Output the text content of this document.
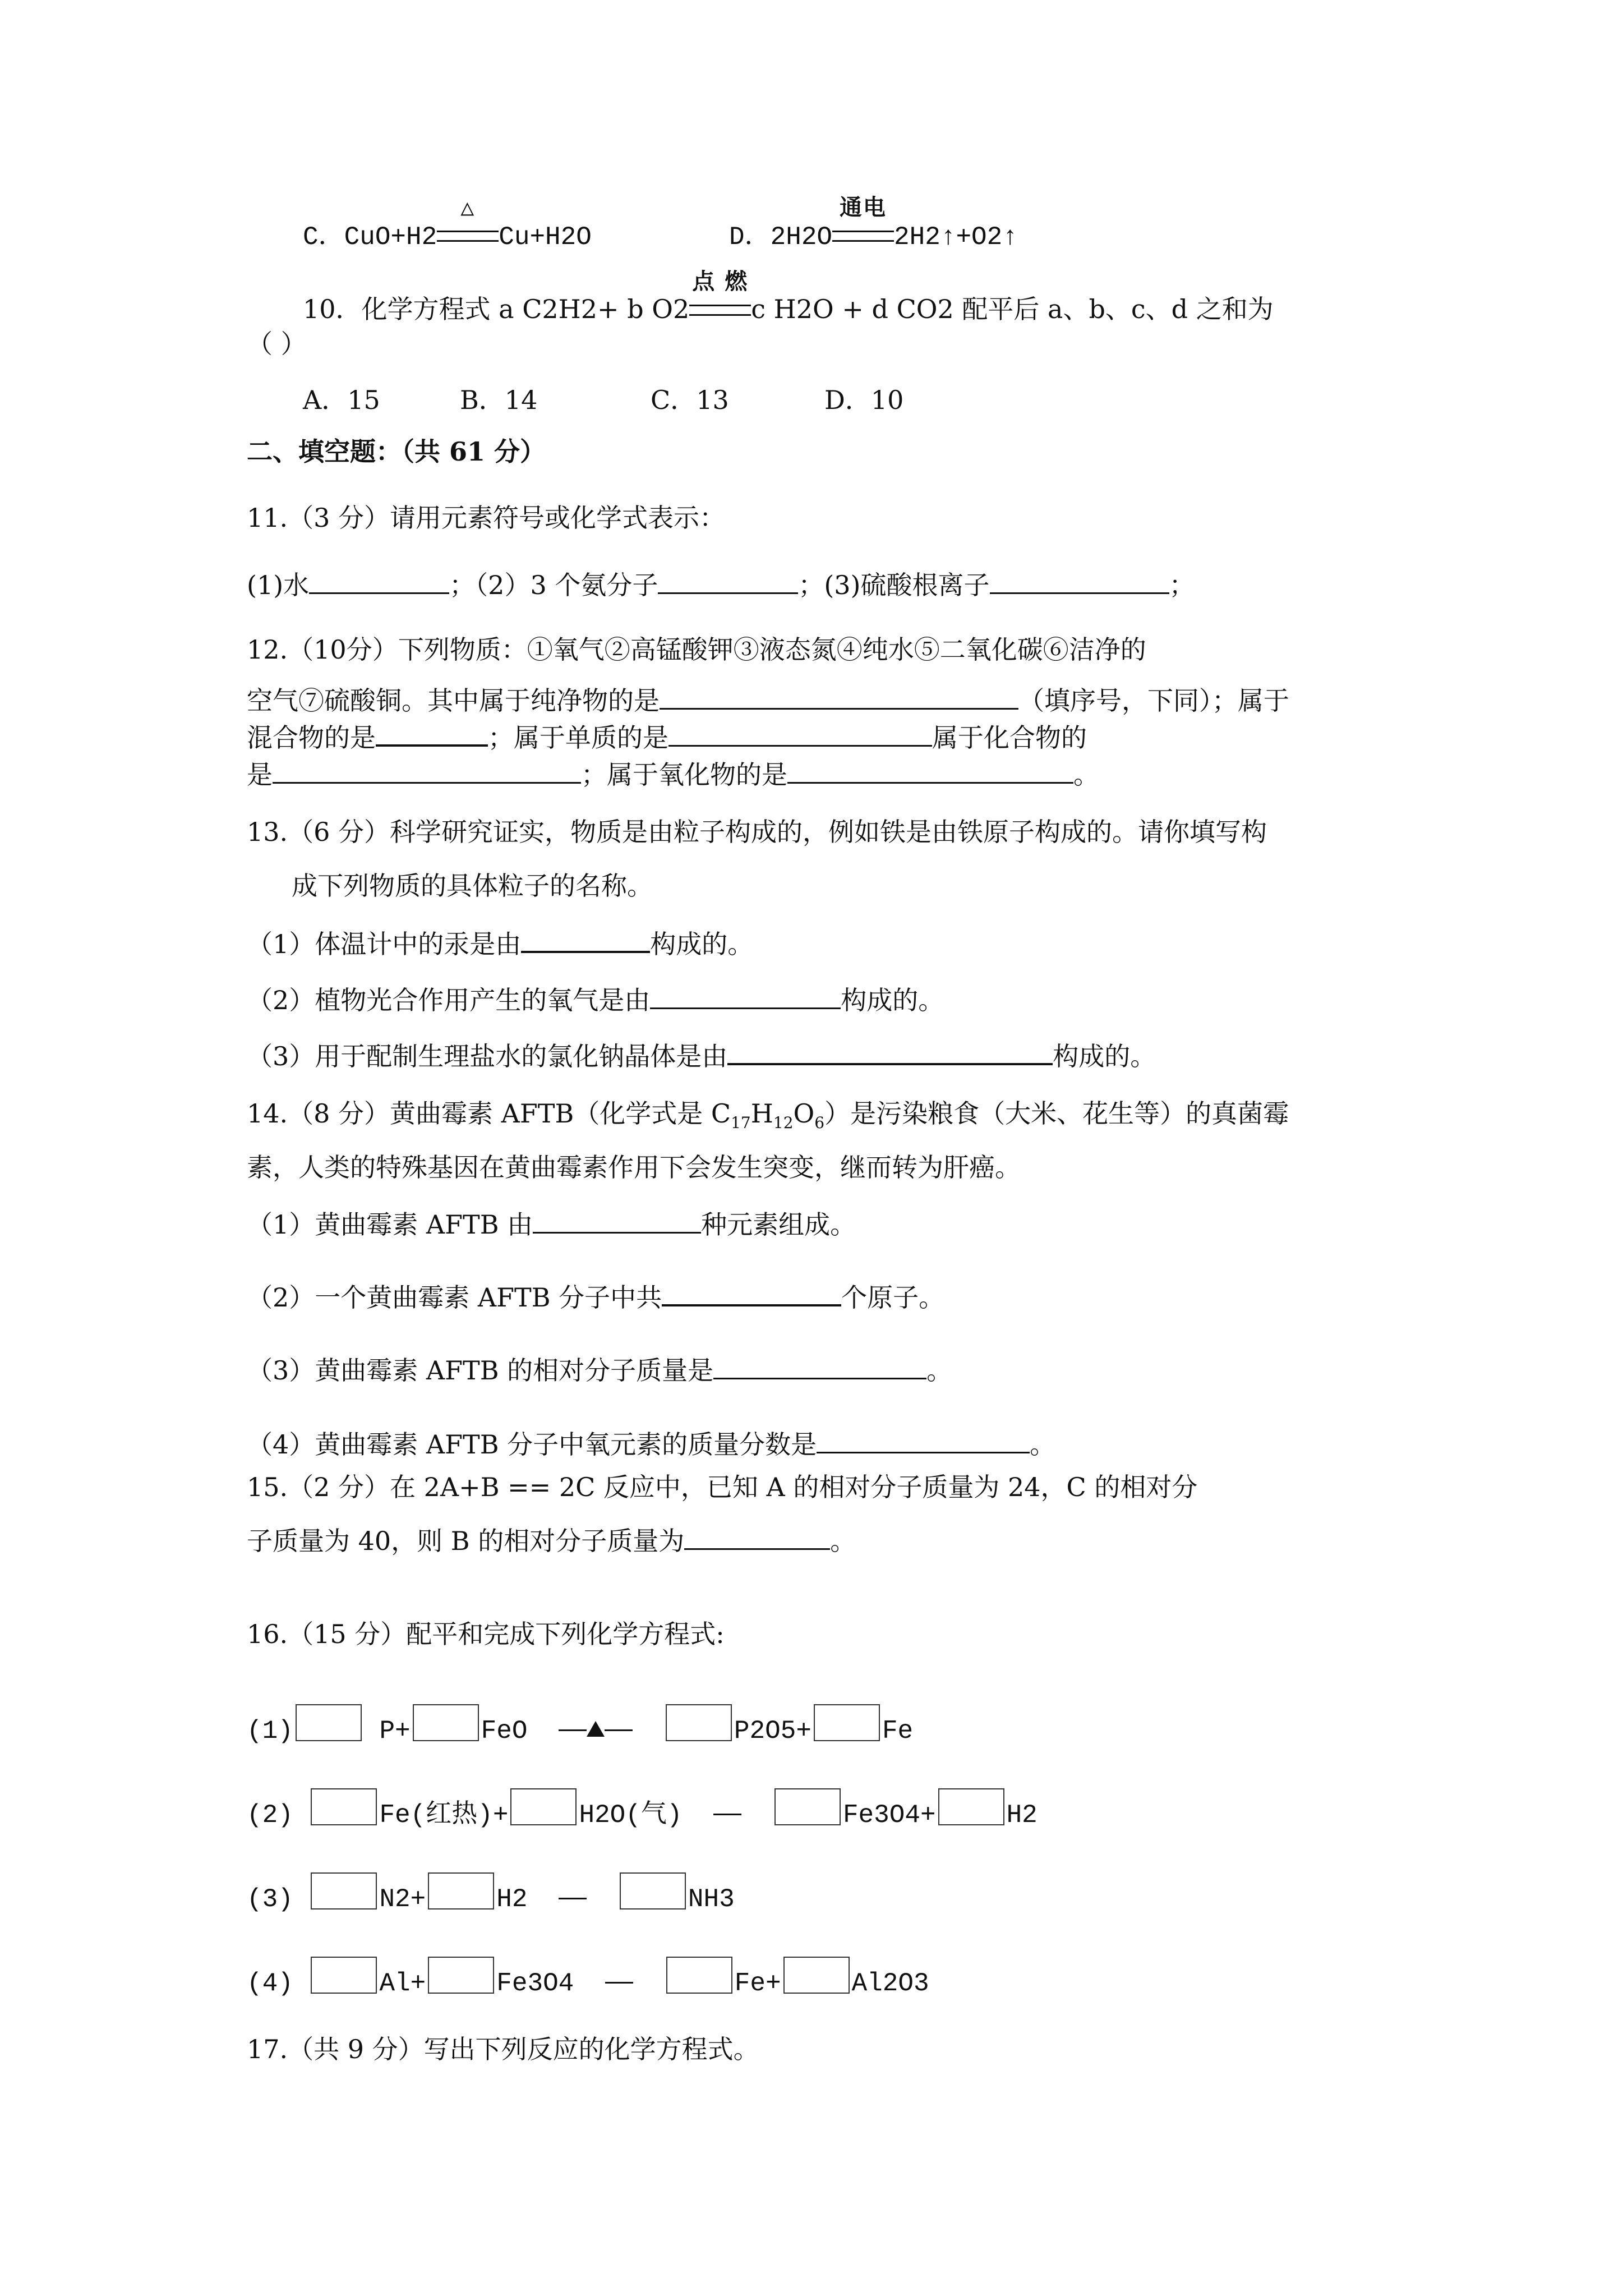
C．CuO+H2
△
Cu+H2O	D．2H2O
通电
2H2↑+O2↑
10．化学方程式 a C2H2+ b O2
点 燃
c H2O + d CO2 配平后 a、b、c、d 之和为
（ ）
A．15	B．14	C．13	D．10
二、填空题：（共 61 分）
11.（3 分）请用元素符号或化学式表示：
(1)水	；（2）3 个氨分子	；(3)硫酸根离子	；
12.（10分）下列物质：①氧气②高锰酸钾③液态氮④纯水⑤二氧化碳⑥洁净的
空气⑦硫酸铜。其中属于纯净物的是	（填序号，下同）；属于
混合物的是	；属于单质的是	属于化合物的
是	；属于氧化物的是	。
13.（6 分）科学研究证实，物质是由粒子构成的，例如铁是由铁原子构成的。请你填写构
成下列物质的具体粒子的名称。
（1）体温计中的汞是由	构成的。
（2）植物光合作用产生的氧气是由	构成的。
（3）用于配制生理盐水的氯化钠晶体是由	构成的。
14.（8 分）黄曲霉素 AFTB（化学式是 $C_{17}H_{12}O_6$）是污染粮食（大米、花生等）的真菌霉
素，人类的特殊基因在黄曲霉素作用下会发生突变，继而转为肝癌。
（1）黄曲霉素 AFTB 由	种元素组成。
（2）一个黄曲霉素 AFTB 分子中共	个原子。
（3）黄曲霉素 AFTB 的相对分子质量是	。
（4）黄曲霉素 AFTB 分子中氧元素的质量分数是	。
15.（2 分）在 2A+B == 2C 反应中，已知 A 的相对分子质量为 24，C 的相对分
子质量为 40，则 B 的相对分子质量为	。
16.（15 分）配平和完成下列化学方程式:
(1)	P+	FeO	P2O5+	Fe
(2)	Fe(红热)+	H2O(气)	Fe3O4+	H2
(3)	N2+	H2	NH3
(4)	Al+	Fe3O4	Fe+	Al2O3
17.（共 9 分）写出下列反应的化学方程式。
